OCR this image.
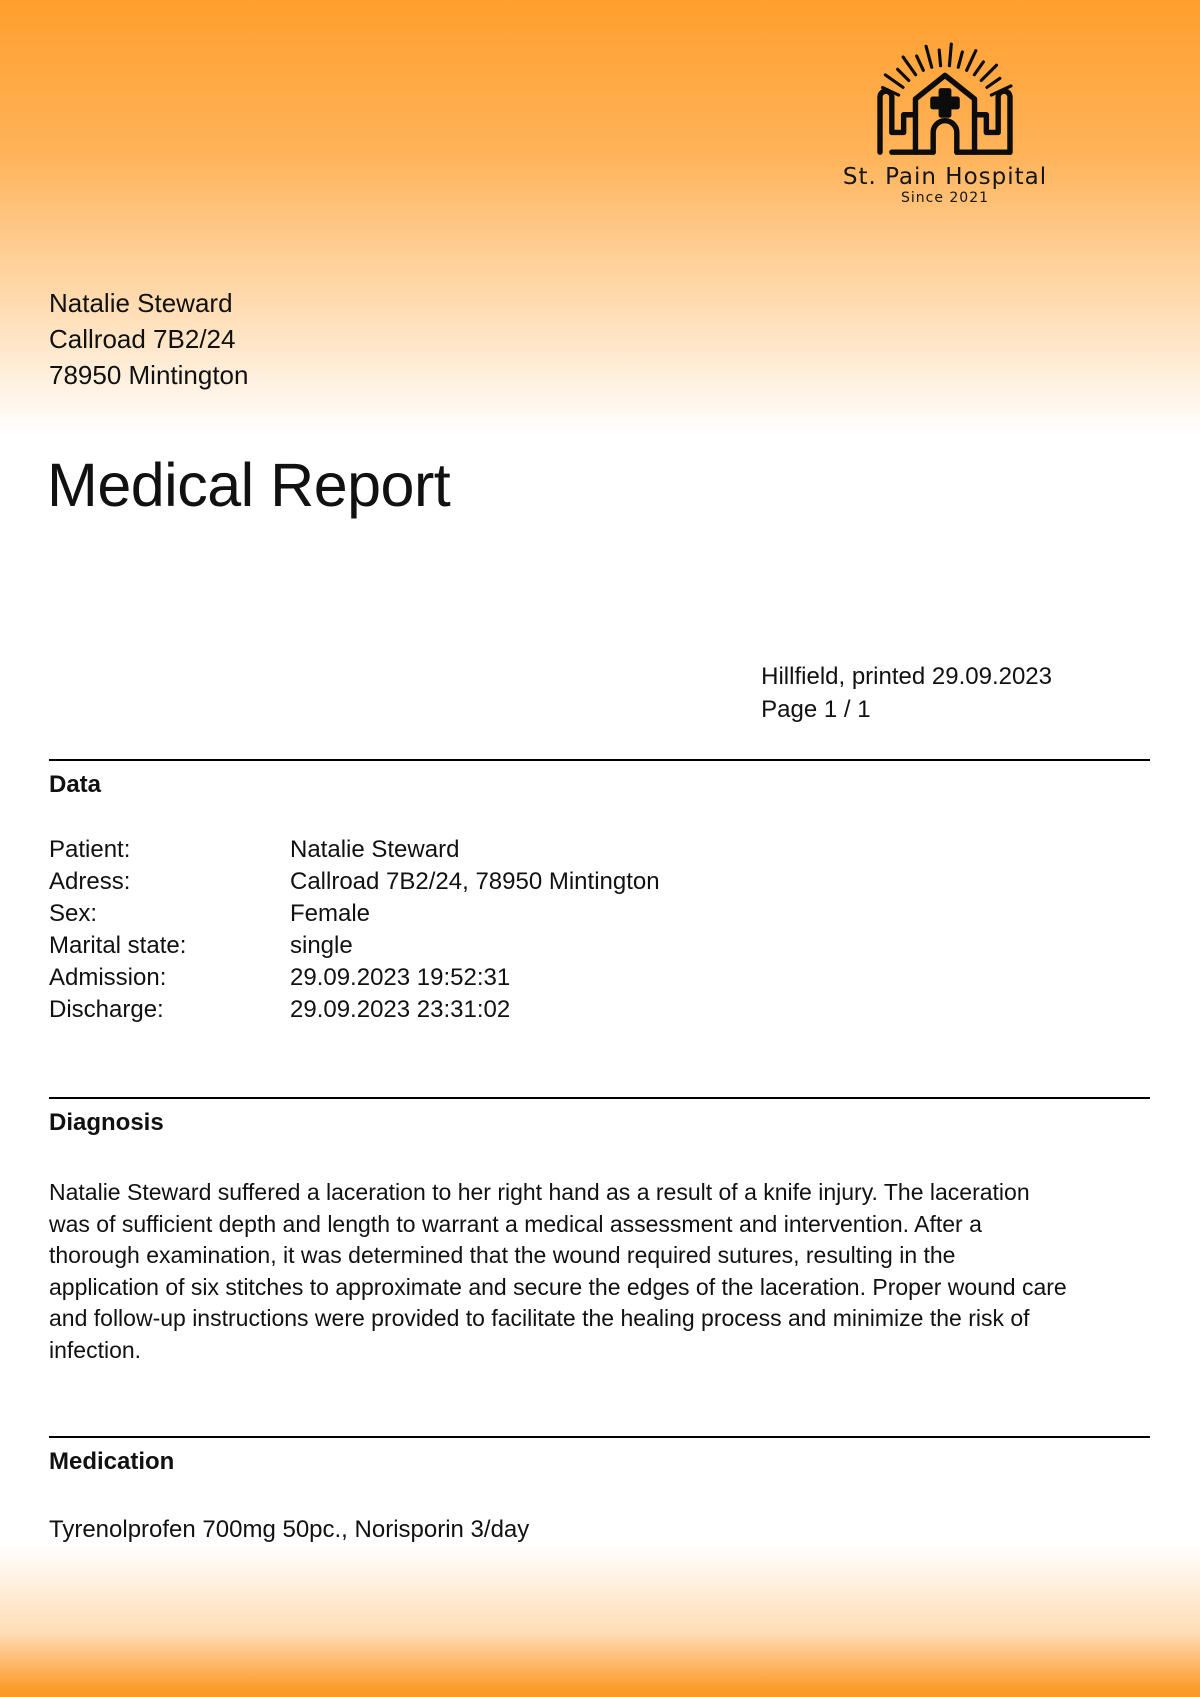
St. Pain Hospital
Since 2021
Natalie Steward
Callroad 7B2/24
78950 Mintington
Medical Report
Hillfield, printed 29.09.2023
Page 1 / 1
Data
Patient:	Natalie Steward
Adress:	Callroad 7B2/24, 78950 Mintington
Sex:	Female
Marital state:	single
Admission:	29.09.2023 19:52:31
Discharge:	29.09.2023 23:31:02
Diagnosis
Natalie Steward suffered a laceration to her right hand as a result of a knife injury. The laceration was of sufficient depth and length to warrant a medical assessment and intervention. After a thorough examination, it was determined that the wound required sutures, resulting in the application of six stitches to approximate and secure the edges of the laceration. Proper wound care and follow-up instructions were provided to facilitate the healing process and minimize the risk of infection.
Medication
Tyrenolprofen 700mg 50pc., Norisporin 3/day
